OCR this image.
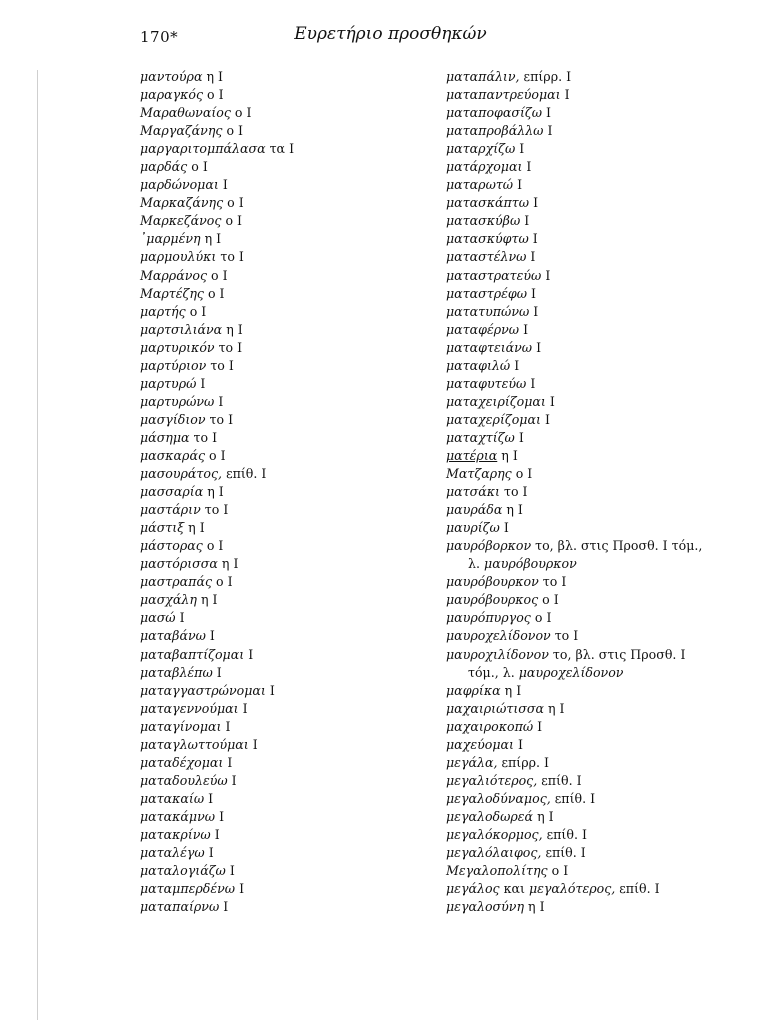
170*	Ευρετήριο προσθηκών
μαντούρα η Ι
μαραγκός ο Ι
Μαραθωναίος ο Ι
Μαργαζάνης ο Ι
μαργαριτομπάλασα τα Ι
μαρδάς ο Ι
μαρδώνομαι Ι
Μαρκαζάνης ο Ι
Μαρκεζάνος ο Ι
᾿μαρμένη η Ι
μαρμουλύκι το Ι
Μαρράνος ο Ι
Μαρτέζης ο Ι
μαρτής ο Ι
μαρτσιλιάνα η Ι
μαρτυρικόν το Ι
μαρτύριον το Ι
μαρτυρώ Ι
μαρτυρώνω Ι
μασγίδιον το Ι
μάσημα το Ι
μασκαράς ο Ι
μασουράτος, επίθ. Ι
μασσαρία η Ι
μαστάριν το Ι
μάστιξ η Ι
μάστορας ο Ι
μαστόρισσα η Ι
μαστραπάς ο Ι
μασχάλη η Ι
μασώ Ι
ματαβάνω Ι
ματαβαπτίζομαι Ι
ματαβλέπω Ι
ματαγγαστρώνομαι Ι
ματαγεννούμαι Ι
ματαγίνομαι Ι
ματαγλωττούμαι Ι
ματαδέχομαι Ι
ματαδουλεύω Ι
ματακαίω Ι
ματακάμνω Ι
ματακρίνω Ι
ματαλέγω Ι
ματαλογιάζω Ι
ματαμπερδένω Ι
ματαπαίρνω Ι
ματαπάλιν, επίρρ. Ι
ματαπαντρεύομαι Ι
ματαποφασίζω Ι
ματαπροβάλλω Ι
ματαρχίζω Ι
ματάρχομαι Ι
ματαρωτώ Ι
ματασκάπτω Ι
ματασκύβω Ι
ματασκύφτω Ι
ματαστέλνω Ι
ματαστρατεύω Ι
ματαστρέφω Ι
ματατυπώνω Ι
ματαφέρνω Ι
ματαφτειάνω Ι
ματαφιλώ Ι
ματαφυτεύω Ι
ματαχειρίζομαι Ι
ματαχερίζομαι Ι
ματαχτίζω Ι
ματέρια η Ι
Ματζαρης ο Ι
ματσάκι το Ι
μαυράδα η Ι
μαυρίζω Ι
μαυρόβορκον το, βλ. στις Προσθ. Ι τόμ.,
λ. μαυρόβουρκον
μαυρόβουρκον το Ι
μαυρόβουρκος ο Ι
μαυρόπυργος ο Ι
μαυροχελίδονον το Ι
μαυροχιλίδονον το, βλ. στις Προσθ. Ι
τόμ., λ. μαυροχελίδονον
μαφρίκα η Ι
μαχαιριώτισσα η Ι
μαχαιροκοπώ Ι
μαχεύομαι Ι
μεγάλα, επίρρ. Ι
μεγαλιότερος, επίθ. Ι
μεγαλοδύναμος, επίθ. Ι
μεγαλοδωρεά η Ι
μεγαλόκορμος, επίθ. Ι
μεγαλόλαιφος, επίθ. Ι
Μεγαλοπολίτης ο Ι
μεγάλος και μεγαλότερος, επίθ. Ι
μεγαλοσύνη η Ι
